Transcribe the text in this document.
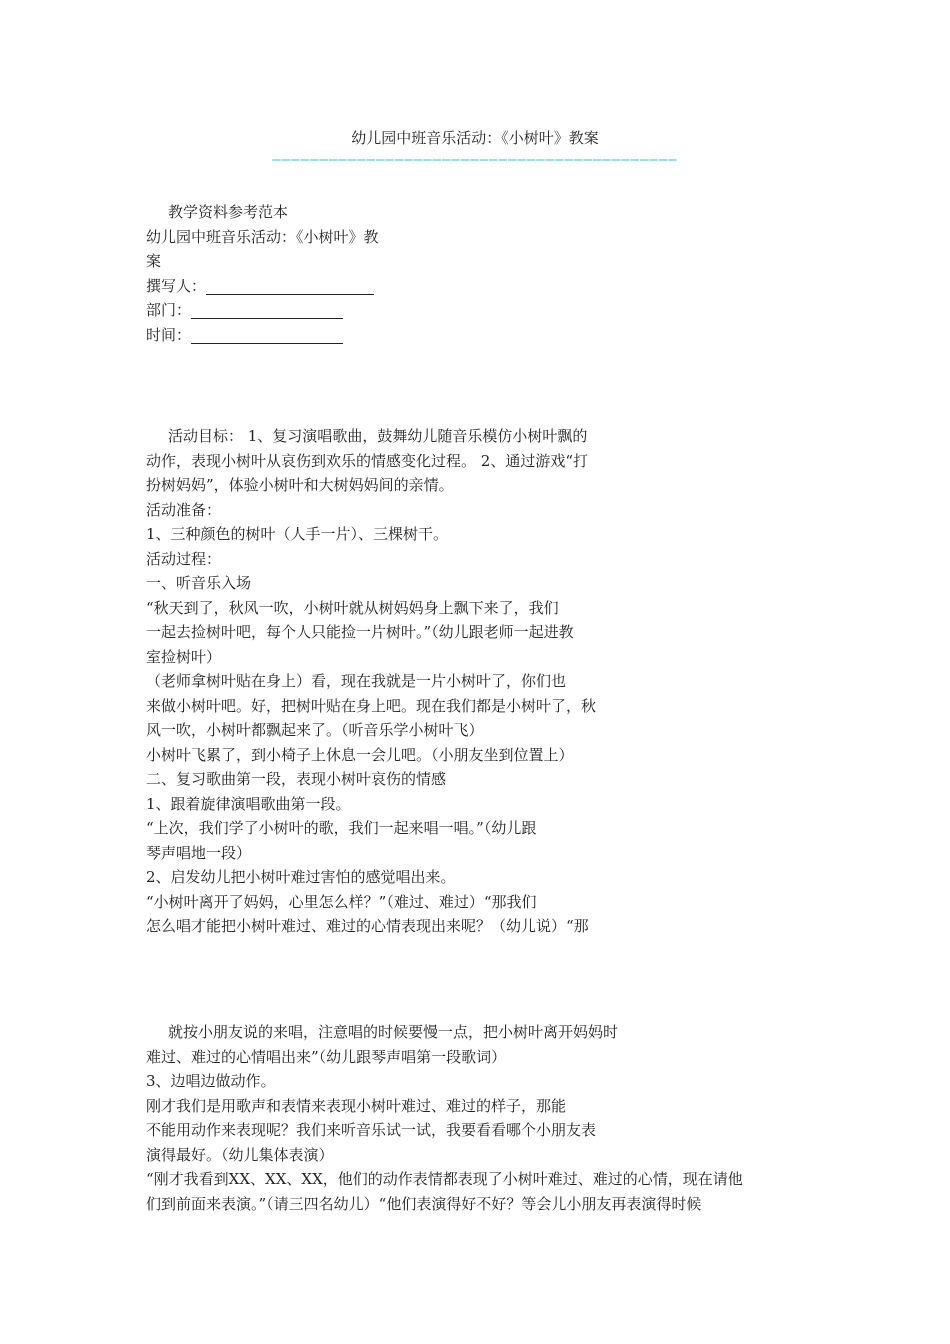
幼儿园中班音乐活动：《小树叶》教案
———————————————————————————————————————————
教学资料参考范本
幼儿园中班音乐活动：《小树叶》教
案
撰写人：
部门：
时间：
活动目标： 1、复习演唱歌曲，鼓舞幼儿随音乐模仿小树叶飘的
动作，表现小树叶从哀伤到欢乐的情感变化过程。 2、通过游戏“打
扮树妈妈”，体验小树叶和大树妈妈间的亲情。
活动准备：
1、三种颜色的树叶（人手一片）、三棵树干。
活动过程：
一、听音乐入场
“秋天到了，秋风一吹，小树叶就从树妈妈身上飘下来了，我们
一起去捡树叶吧，每个人只能捡一片树叶。”（幼儿跟老师一起进教
室捡树叶）
（老师拿树叶贴在身上）看，现在我就是一片小树叶了，你们也
来做小树叶吧。好，把树叶贴在身上吧。现在我们都是小树叶了，秋
风一吹，小树叶都飘起来了。（听音乐学小树叶飞）
小树叶飞累了，到小椅子上休息一会儿吧。（小朋友坐到位置上）
二、复习歌曲第一段，表现小树叶哀伤的情感
1、跟着旋律演唱歌曲第一段。
“上次，我们学了小树叶的歌，我们一起来唱一唱。”（幼儿跟
琴声唱地一段）
2、启发幼儿把小树叶难过害怕的感觉唱出来。
“小树叶离开了妈妈，心里怎么样？”（难过、难过）“那我们
怎么唱才能把小树叶难过、难过的心情表现出来呢？（幼儿说）“那
就按小朋友说的来唱，注意唱的时候要慢一点，把小树叶离开妈妈时
难过、难过的心情唱出来”（幼儿跟琴声唱第一段歌词）
3、边唱边做动作。
刚才我们是用歌声和表情来表现小树叶难过、难过的样子，那能
不能用动作来表现呢？我们来听音乐试一试，我要看看哪个小朋友表
演得最好。（幼儿集体表演）
“刚才我看到XX、XX、XX，他们的动作表情都表现了小树叶难过、难过的心情，现在请他
们到前面来表演。”（请三四名幼儿）“他们表演得好不好？等会儿小朋友再表演得时候
